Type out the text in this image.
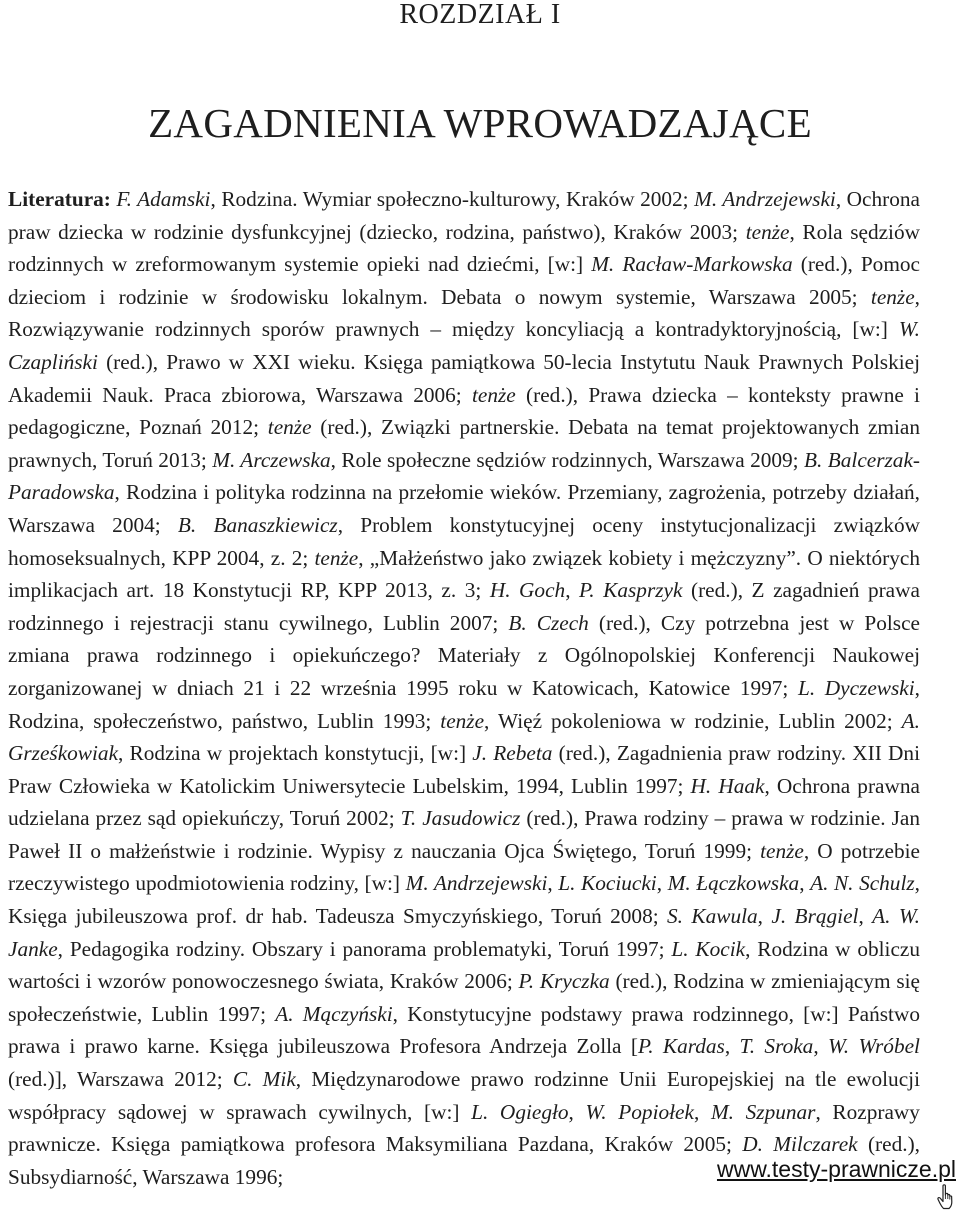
ROZDZIAŁ I
ZAGADNIENIA WPROWADZAJĄCE
Literatura: F. Adamski, Rodzina. Wymiar społeczno-kulturowy, Kraków 2002; M. Andrzejewski, Ochrona praw dziecka w rodzinie dysfunkcyjnej (dziecko, rodzina, państwo), Kraków 2003; tenże, Rola sędziów rodzinnych w zreformowanym systemie opieki nad dziećmi, [w:] M. Racław-Markowska (red.), Pomoc dzieciom i rodzinie w środowisku lokalnym. Debata o nowym systemie, Warszawa 2005; tenże, Rozwiązywanie rodzinnych sporów prawnych – między koncyliacją a kontradyktoryjnością, [w:] W. Czapliński (red.), Prawo w XXI wieku. Księga pamiątkowa 50-lecia Instytutu Nauk Prawnych Polskiej Akademii Nauk. Praca zbiorowa, Warszawa 2006; tenże (red.), Prawa dziecka – konteksty prawne i pedagogiczne, Poznań 2012; tenże (red.), Związki partnerskie. Debata na temat projektowanych zmian prawnych, Toruń 2013; M. Arczewska, Role społeczne sędziów rodzinnych, Warszawa 2009; B. Balcerzak-Paradowska, Rodzina i polityka rodzinna na przełomie wieków. Przemiany, zagrożenia, potrzeby działań, Warszawa 2004; B. Banaszkiewicz, Problem konstytucyjnej oceny instytucjonalizacji związków homoseksualnych, KPP 2004, z. 2; tenże, „Małżeństwo jako związek kobiety i mężczyzny”. O niektórych implikacjach art. 18 Konstytucji RP, KPP 2013, z. 3; H. Goch, P. Kasprzyk (red.), Z zagadnień prawa rodzinnego i rejestracji stanu cywilnego, Lublin 2007; B. Czech (red.), Czy potrzebna jest w Polsce zmiana prawa rodzinnego i opiekuńczego? Materiały z Ogólnopolskiej Konferencji Naukowej zorganizowanej w dniach 21 i 22 września 1995 roku w Katowicach, Katowice 1997; L. Dyczewski, Rodzina, społeczeństwo, państwo, Lublin 1993; tenże, Więź pokoleniowa w rodzinie, Lublin 2002; A. Grześkowiak, Rodzina w projektach konstytucji, [w:] J. Rebeta (red.), Zagadnienia praw rodziny. XII Dni Praw Człowieka w Katolickim Uniwersytecie Lubelskim, 1994, Lublin 1997; H. Haak, Ochrona prawna udzielana przez sąd opiekuńczy, Toruń 2002; T. Jasudowicz (red.), Prawa rodziny – prawa w rodzinie. Jan Paweł II o małżeństwie i rodzinie. Wypisy z nauczania Ojca Świętego, Toruń 1999; tenże, O potrzebie rzeczywistego upodmiotowienia rodziny, [w:] M. Andrzejewski, L. Kociucki, M. Łączkowska, A. N. Schulz, Księga jubileuszowa prof. dr hab. Tadeusza Smyczyńskiego, Toruń 2008; S. Kawula, J. Brągiel, A. W. Janke, Pedagogika rodziny. Obszary i panorama problematyki, Toruń 1997; L. Kocik, Rodzina w obliczu wartości i wzorów ponowoczesnego świata, Kraków 2006; P. Kryczka (red.), Rodzina w zmieniającym się społeczeństwie, Lublin 1997; A. Mączyński, Konstytucyjne podstawy prawa rodzinnego, [w:] Państwo prawa i prawo karne. Księga jubileuszowa Profesora Andrzeja Zolla [P. Kardas, T. Sroka, W. Wróbel (red.)], Warszawa 2012; C. Mik, Międzynarodowe prawo rodzinne Unii Europejskiej na tle ewolucji współpracy sądowej w sprawach cywilnych, [w:] L. Ogiegło, W. Popiołek, M. Szpunar, Rozprawy prawnicze. Księga pamiątkowa profesora Maksymiliana Pazdana, Kraków 2005; D. Milczarek (red.), Subsydiarność, Warszawa 1996;	www.testy-prawnicze.pl
